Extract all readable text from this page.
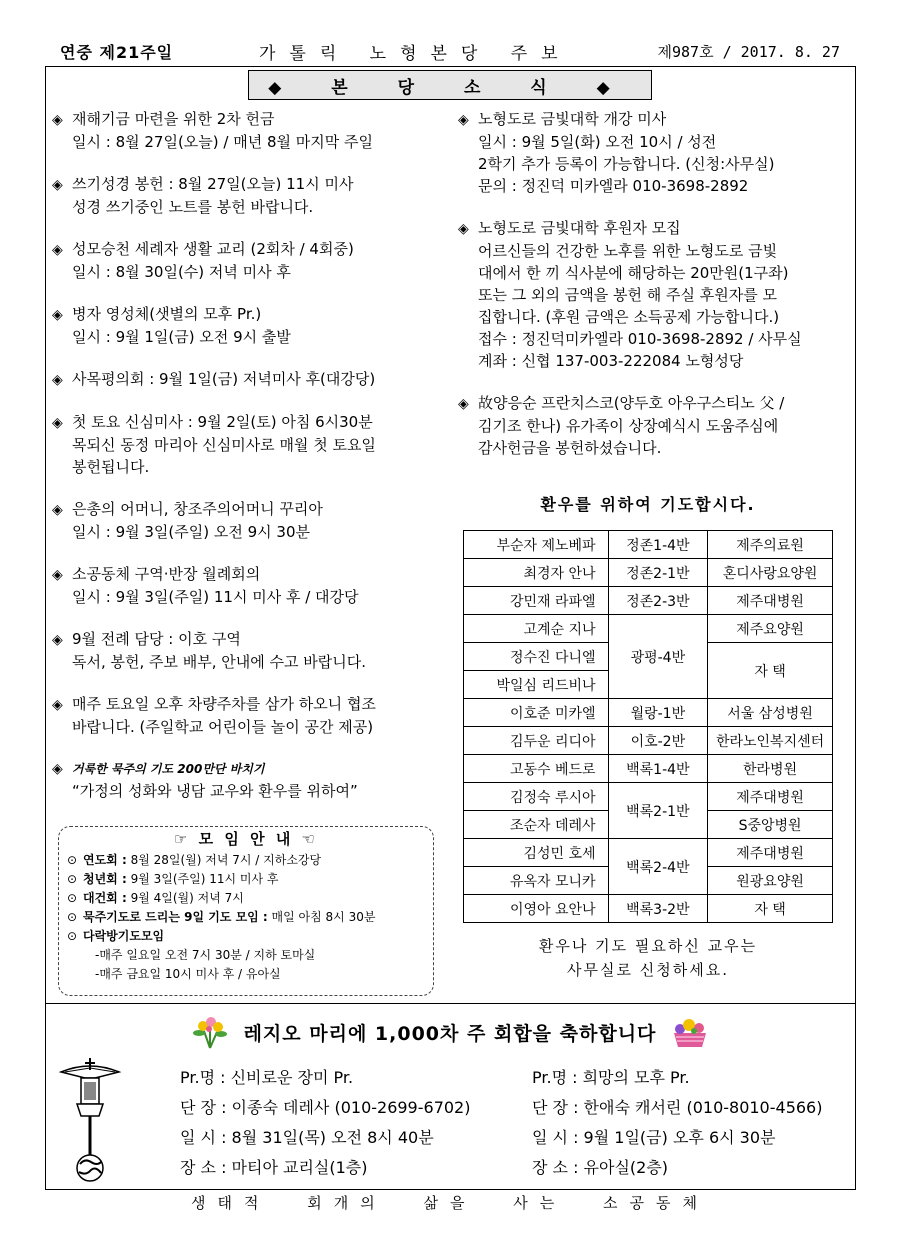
연중 제21주일	가톨릭 노형본당 주보	제987호 / 2017. 8. 27
◆ 본 당 소 식 ◆
◈ 재해기금 마련을 위한 2차 헌금
일시 : 8월 27일(오늘) / 매년 8월 마지막 주일
◈ 쓰기성경 봉헌 : 8월 27일(오늘) 11시 미사
성경 쓰기중인 노트를 봉헌 바랍니다.
◈ 성모승천 세례자 생활 교리 (2회차 / 4회중)
일시 : 8월 30일(수) 저녁 미사 후
◈ 병자 영성체(샛별의 모후 Pr.)
일시 : 9월 1일(금) 오전 9시 출발
◈ 사목평의회 : 9월 1일(금) 저녁미사 후(대강당)
◈ 첫 토요 신심미사 : 9월 2일(토) 아침 6시30분
목되신 동정 마리아 신심미사로 매월 첫 토요일
봉헌됩니다.
◈ 은총의 어머니, 창조주의어머니 꾸리아
일시 : 9월 3일(주일) 오전 9시 30분
◈ 소공동체 구역·반장 월례회의
일시 : 9월 3일(주일) 11시 미사 후 / 대강당
◈ 9월 전례 담당 : 이호 구역
독서, 봉헌, 주보 배부, 안내에 수고 바랍니다.
◈ 매주 토요일 오후 차량주차를 삼가 하오니 협조
바랍니다. (주일학교 어린이들 놀이 공간 제공)
◈ 거룩한 묵주의 기도 200만단 바치기
“가정의 성화와 냉담 교우와 환우를 위하여”
◈ 노형도로 금빛대학 개강 미사
일시 : 9월 5일(화) 오전 10시 / 성전
2학기 추가 등록이 가능합니다. (신청:사무실)
문의 : 정진덕 미카엘라 010-3698-2892
◈ 노형도로 금빛대학 후원자 모집
어르신들의 건강한 노후를 위한 노형도로 금빛
대에서 한 끼 식사분에 해당하는 20만원(1구좌)
또는 그 외의 금액을 봉헌 해 주실 후원자를 모
집합니다. (후원 금액은 소득공제 가능합니다.)
접수 : 정진덕미카엘라 010-3698-2892 / 사무실
계좌 : 신협 137-003-222084 노형성당
◈ 故양응순 프란치스코(양두호 아우구스티노 父 /
김기조 한나) 유가족이 상장예식시 도움주심에
감사헌금을 봉헌하셨습니다.
환우를 위하여 기도합시다.
부순자 제노베파	정존1-4반	제주의료원
최경자 안나	정존2-1반	혼디사랑요양원
강민재 라파엘	정존2-3반	제주대병원
고계순 지나	광평-4반	제주요양원
정수진 다니엘		자 택
박일심 리드비나		
이호준 미카엘	월랑-1반	서울 삼성병원
김두운 리디아	이호-2반	한라노인복지센터
고동수 베드로	백록1-4반	한라병원
김정숙 루시아	백록2-1반	제주대병원
조순자 데레사		S중앙병원
김성민 호세	백록2-4반	제주대병원
유옥자 모니카		원광요양원
이영아 요안나	백록3-2반	자 택
환우나 기도 필요하신 교우는
사무실로 신청하세요.
☞ 모 임 안 내 ☜
⊙ 연도회 : 8월 28일(월) 저녁 7시 / 지하소강당
⊙ 청년회 : 9월 3일(주일) 11시 미사 후
⊙ 대건회 : 9월 4일(월) 저녁 7시
⊙ 묵주기도로 드리는 9일 기도 모임 : 매일 아침 8시 30분
⊙ 다락방기도모임
-매주 일요일 오전 7시 30분 / 지하 토마실
-매주 금요일 10시 미사 후 / 유아실
레지오 마리에 1,000차 주 회합을 축하합니다
Pr.명 : 신비로운 장미 Pr.
단 장 : 이종숙 데레사 (010-2699-6702)
일 시 : 8월 31일(목) 오전 8시 40분
장 소 : 마티아 교리실(1층)
Pr.명 : 희망의 모후 Pr.
단 장 : 한애숙 캐서린 (010-8010-4566)
일 시 : 9월 1일(금) 오후 6시 30분
장 소 : 유아실(2층)
생태적 회개의 삶을 사는 소공동체
